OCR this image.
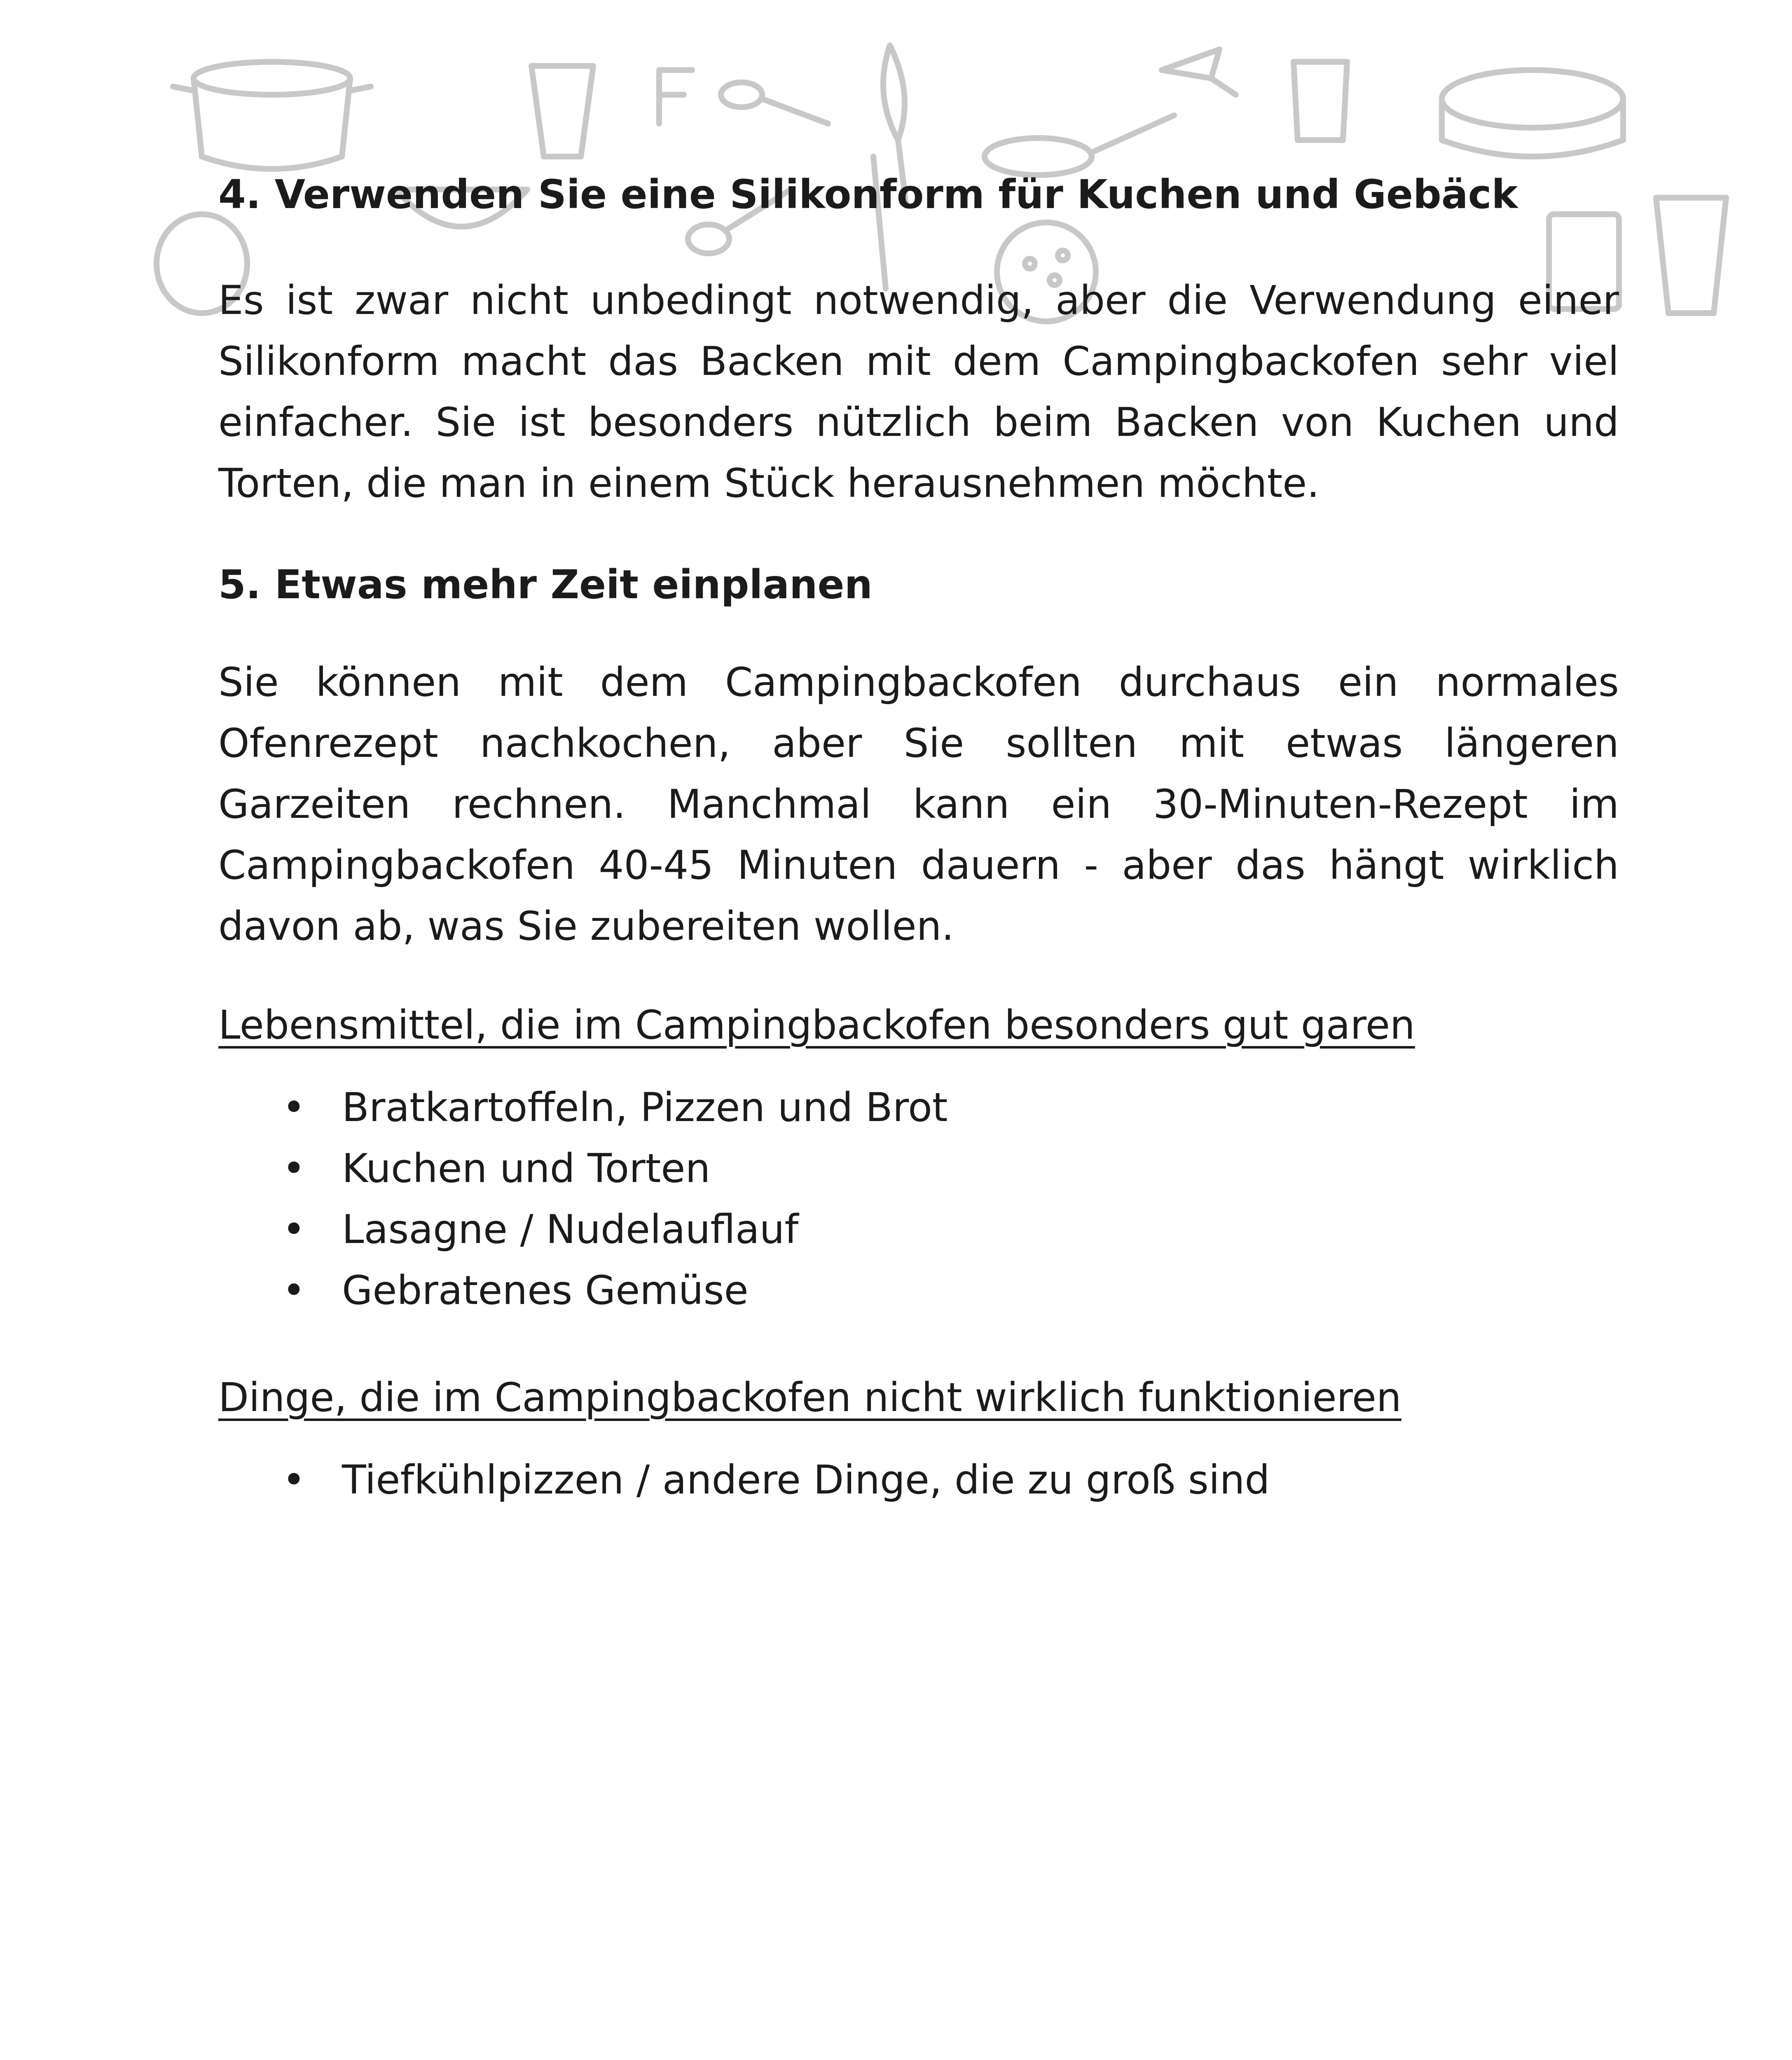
4. Verwenden Sie eine Silikonform für Kuchen und Gebäck

Es ist zwar nicht unbedingt notwendig, aber die Verwendung einer Silikonform macht das Backen mit dem Campingbackofen sehr viel einfacher. Sie ist besonders nützlich beim Backen von Kuchen und Torten, die man in einem Stück herausnehmen möchte.

5. Etwas mehr Zeit einplanen

Sie können mit dem Campingbackofen durchaus ein normales Ofenrezept nachkochen, aber Sie sollten mit etwas längeren Garzeiten rechnen. Manchmal kann ein 30-Minuten-Rezept im Campingbackofen 40-45 Minuten dauern - aber das hängt wirklich davon ab, was Sie zubereiten wollen.

Lebensmittel, die im Campingbackofen besonders gut garen

• Bratkartoffeln, Pizzen und Brot
• Kuchen und Torten
• Lasagne / Nudelauflauf
• Gebratenes Gemüse

Dinge, die im Campingbackofen nicht wirklich funktionieren

• Tiefkühlpizzen / andere Dinge, die zu groß sind
